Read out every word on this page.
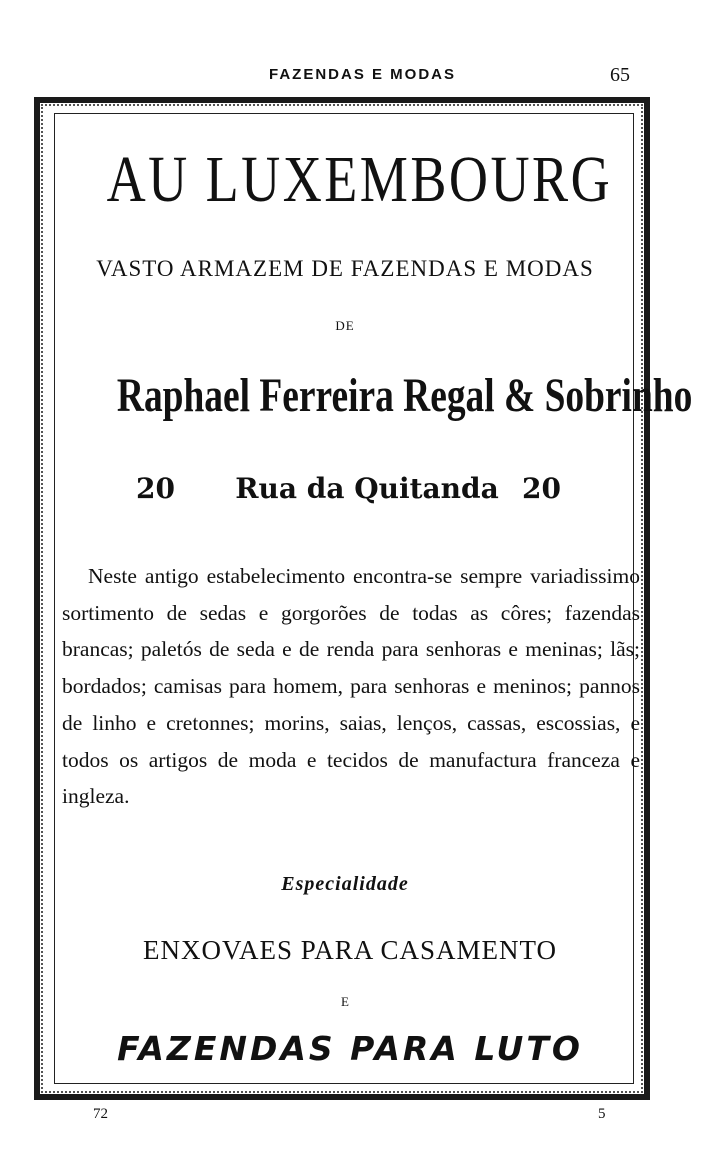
FAZENDAS E MODAS	65
AU LUXEMBOURG
VASTO ARMAZEM DE FAZENDAS E MODAS
DE
Raphael Ferreira Regal & Sobrinho
20	Rua da Quitanda 20
Neste antigo estabelecimento encontra-se sempre variadissimo sortimento de sedas e gorgorões de todas as côres; fazendas brancas; paletós de seda e de renda para senhoras e meninas; lãs; bordados; camisas para homem, para senhoras e meninos; pannos de linho e cretonnes; morins, saias, lenços, cassas, escossias, e todos os artigos de moda e tecidos de manufactura franceza e ingleza.
Especialidade
ENXOVAES PARA CASAMENTO
E
FAZENDAS PARA LUTO
72	5
